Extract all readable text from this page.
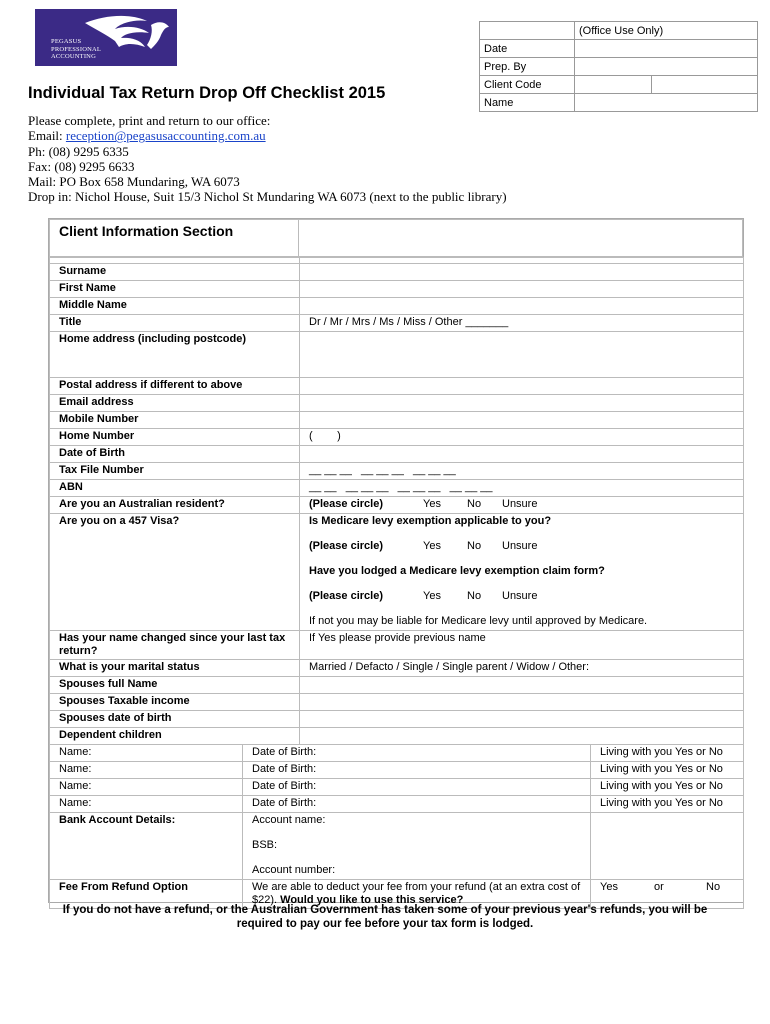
PEGASUS
PROFESSIONAL
ACCOUNTING
	(Office Use Only)	
Date		
Prep. By		
Client Code		
Name		
Individual Tax Return Drop Off Checklist 2015
Please complete, print and return to our office:
Email: reception@pegasusaccounting.com.au
Ph: (08) 9295 6335
Fax: (08) 9295 6633
Mail: PO Box 658 Mundaring, WA 6073
Drop in: Nichol House, Suit 15/3 Nichol St Mundaring WA 6073 (next to the public library)
Client Information Section

Surname			
First Name			
Middle Name			
Title		Dr / Mr / Mrs / Ms / Miss / Other _______	
Home address (including postcode)			
Postal address if different to above			
Email address			
Mobile Number			
Home Number		(        )	
Date of Birth			
Tax File Number		__ __ __   __ __ __   __ __ __	
ABN		__ __   __ __ __   __ __ __   __ __ __	
Are you an Australian resident?		(Please circle) Yes No Unsure	
Are you on a 457 Visa?		Is Medicare levy exemption applicable to you?
(Please circle) Yes No Unsure
Have you lodged a Medicare levy exemption claim form?
(Please circle) Yes No Unsure
If not you may be liable for Medicare levy until approved by Medicare.	

Has your name changed since your last tax return?		If Yes please provide previous name	
What is your marital status		Married / Defacto / Single / Single parent / Widow / Other:	
Spouses full Name			
Spouses Taxable income			
Spouses date of birth			
Dependent children			
Name:	Date of Birth:		Living with you Yes or No
Name:	Date of Birth:		Living with you Yes or No
Name:	Date of Birth:		Living with you Yes or No
Name:	Date of Birth:		Living with you Yes or No
Bank Account Details:	Account name:
BSB:
Account number:		

Fee From Refund Option	We are able to deduct your fee from your refund (at an extra cost of $22). Would you like to use this service?		Yes or No
If you do not have a refund, or the Australian Government has taken some of your previous year's refunds, you will be required to pay our fee before your tax form is lodged.
